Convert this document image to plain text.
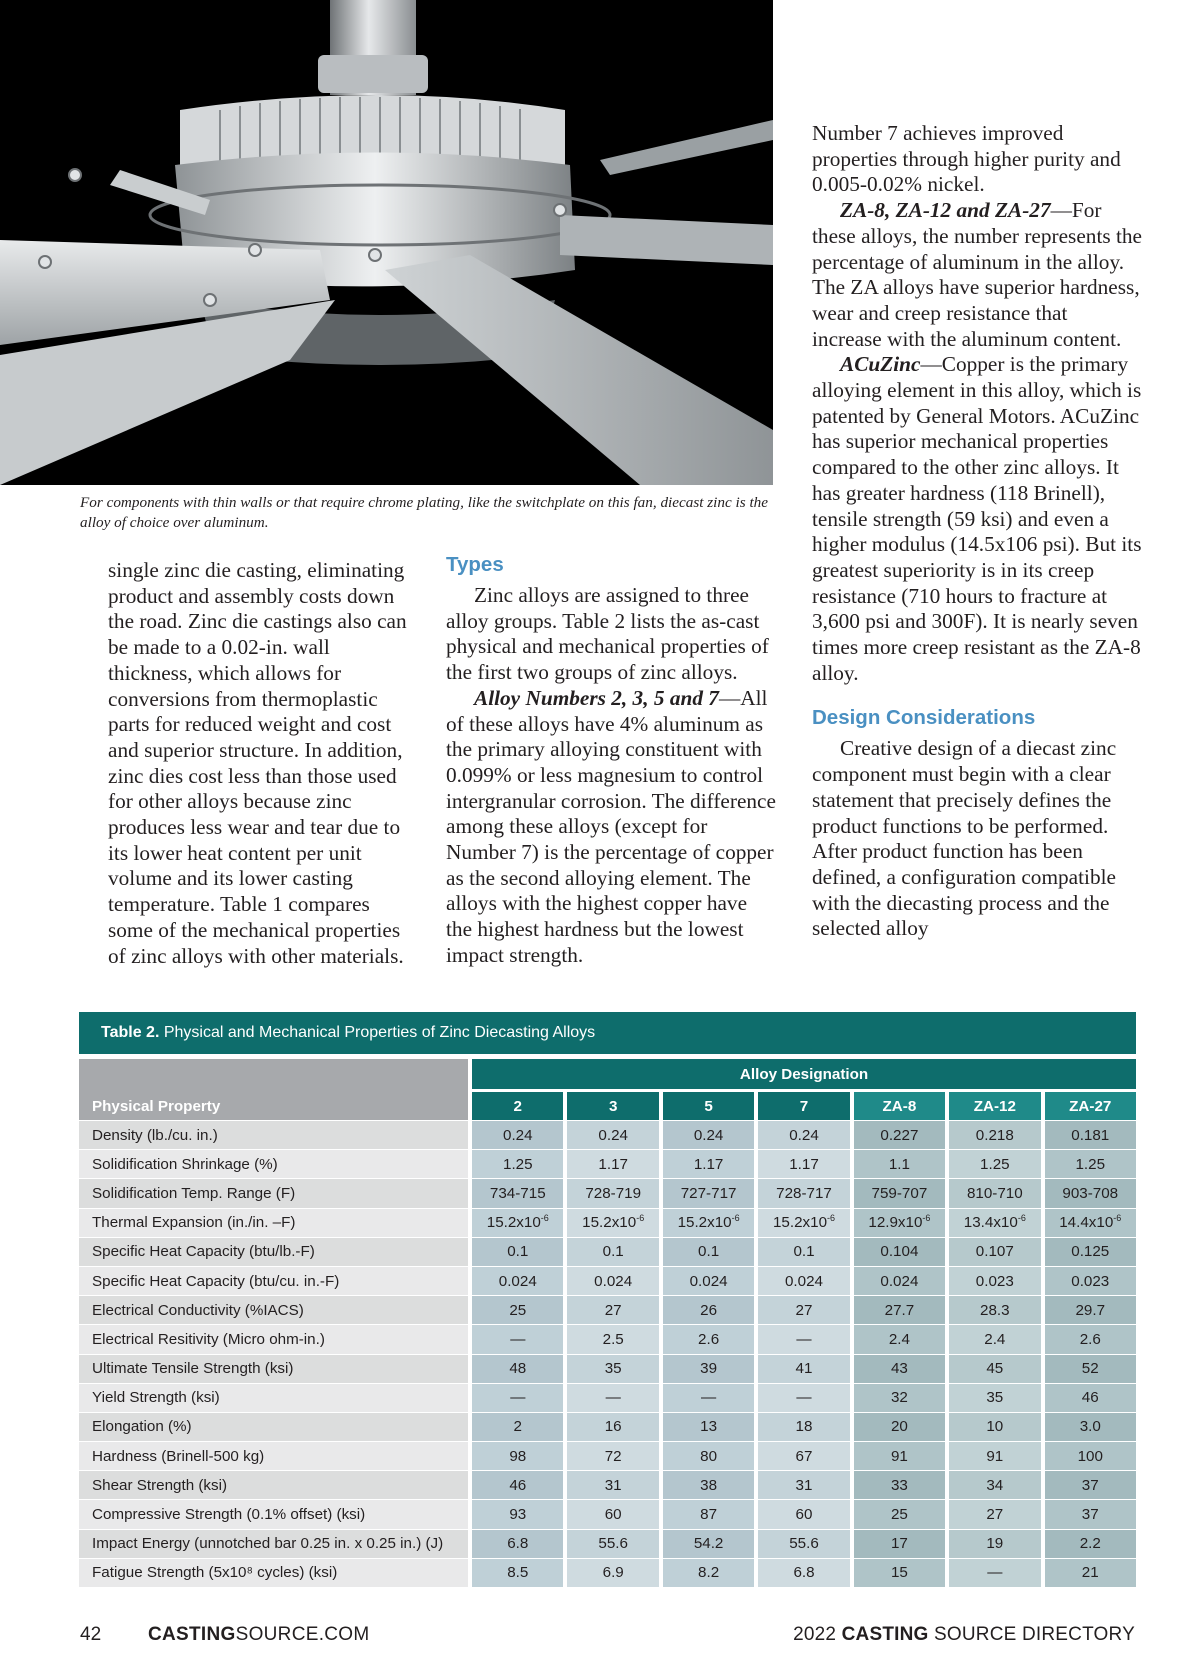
For components with thin walls or that require chrome plating, like the switchplate on this fan, diecast zinc is the alloy of choice over aluminum.

single zinc die casting, eliminating product and assembly costs down the road. Zinc die castings also can be made to a 0.02-in. wall thickness, which allows for conversions from thermoplastic parts for reduced weight and cost and superior structure. In addition, zinc dies cost less than those used for other alloys because zinc produces less wear and tear due to its lower heat content per unit volume and its lower casting temperature. Table 1 compares some of the mechanical properties of zinc alloys with other materials.

Types

Zinc alloys are assigned to three alloy groups. Table 2 lists the as-cast physical and mechanical properties of the first two groups of zinc alloys.

Alloy Numbers 2, 3, 5 and 7—All of these alloys have 4% aluminum as the primary alloying constituent with 0.099% or less magnesium to control intergranular corrosion. The difference among these alloys (except for Number 7) is the percentage of copper as the second alloying element. The alloys with the highest copper have the highest hardness but the lowest impact strength.

Number 7 achieves improved properties through higher purity and 0.005-0.02% nickel.

ZA-8, ZA-12 and ZA-27—For these alloys, the number represents the percentage of aluminum in the alloy. The ZA alloys have superior hardness, wear and creep resistance that increase with the aluminum content.

ACuZinc—Copper is the primary alloying element in this alloy, which is patented by General Motors. ACuZinc has superior mechanical properties compared to the other zinc alloys. It has greater hardness (118 Brinell), tensile strength (59 ksi) and even a higher modulus (14.5x106 psi). But its greatest superiority is in its creep resistance (710 hours to fracture at 3,600 psi and 300F). It is nearly seven times more creep resistant as the ZA-8 alloy.

Design Considerations

Creative design of a diecast zinc component must begin with a clear statement that precisely defines the product functions to be performed. After product function has been defined, a configuration compatible with the diecasting process and the selected alloy

Table 2. Physical and Mechanical Properties of Zinc Diecasting Alloys
	Alloy Designation						
Physical Property	2	3	5	7	ZA-8	ZA-12	ZA-27
Density (lb./cu. in.)	0.24	0.24	0.24	0.24	0.227	0.218	0.181
Solidification Shrinkage (%)	1.25	1.17	1.17	1.17	1.1	1.25	1.25
Solidification Temp. Range (F)	734-715	728-719	727-717	728-717	759-707	810-710	903-708
Thermal Expansion (in./in. –F)	$15.2x10^{-6}$	$15.2x10^{-6}$	$15.2x10^{-6}$	$15.2x10^{-6}$	$12.9x10^{-6}$	$13.4x10^{-6}$	$14.4x10^{-6}$
Specific Heat Capacity (btu/lb.-F)	0.1	0.1	0.1	0.1	0.104	0.107	0.125
Specific Heat Capacity (btu/cu. in.-F)	0.024	0.024	0.024	0.024	0.024	0.023	0.023
Electrical Conductivity (%IACS)	25	27	26	27	27.7	28.3	29.7
Electrical Resitivity (Micro ohm-in.)	—	2.5	2.6	—	2.4	2.4	2.6
Ultimate Tensile Strength (ksi)	48	35	39	41	43	45	52
Yield Strength (ksi)	—	—	—	—	32	35	46
Elongation (%)	2	16	13	18	20	10	3.0
Hardness (Brinell-500 kg)	98	72	80	67	91	91	100
Shear Strength (ksi)	46	31	38	31	33	34	37
Compressive Strength (0.1% offset) (ksi)	93	60	87	60	25	27	37
Impact Energy (unnotched bar 0.25 in. x 0.25 in.) (J)	6.8	55.6	54.2	55.6	17	19	2.2
Fatigue Strength (5x10⁸ cycles) (ksi)	8.5	6.9	8.2	6.8	15	—	21
42 CASTINGSOURCE.COM	2022 CASTING SOURCE DIRECTORY
